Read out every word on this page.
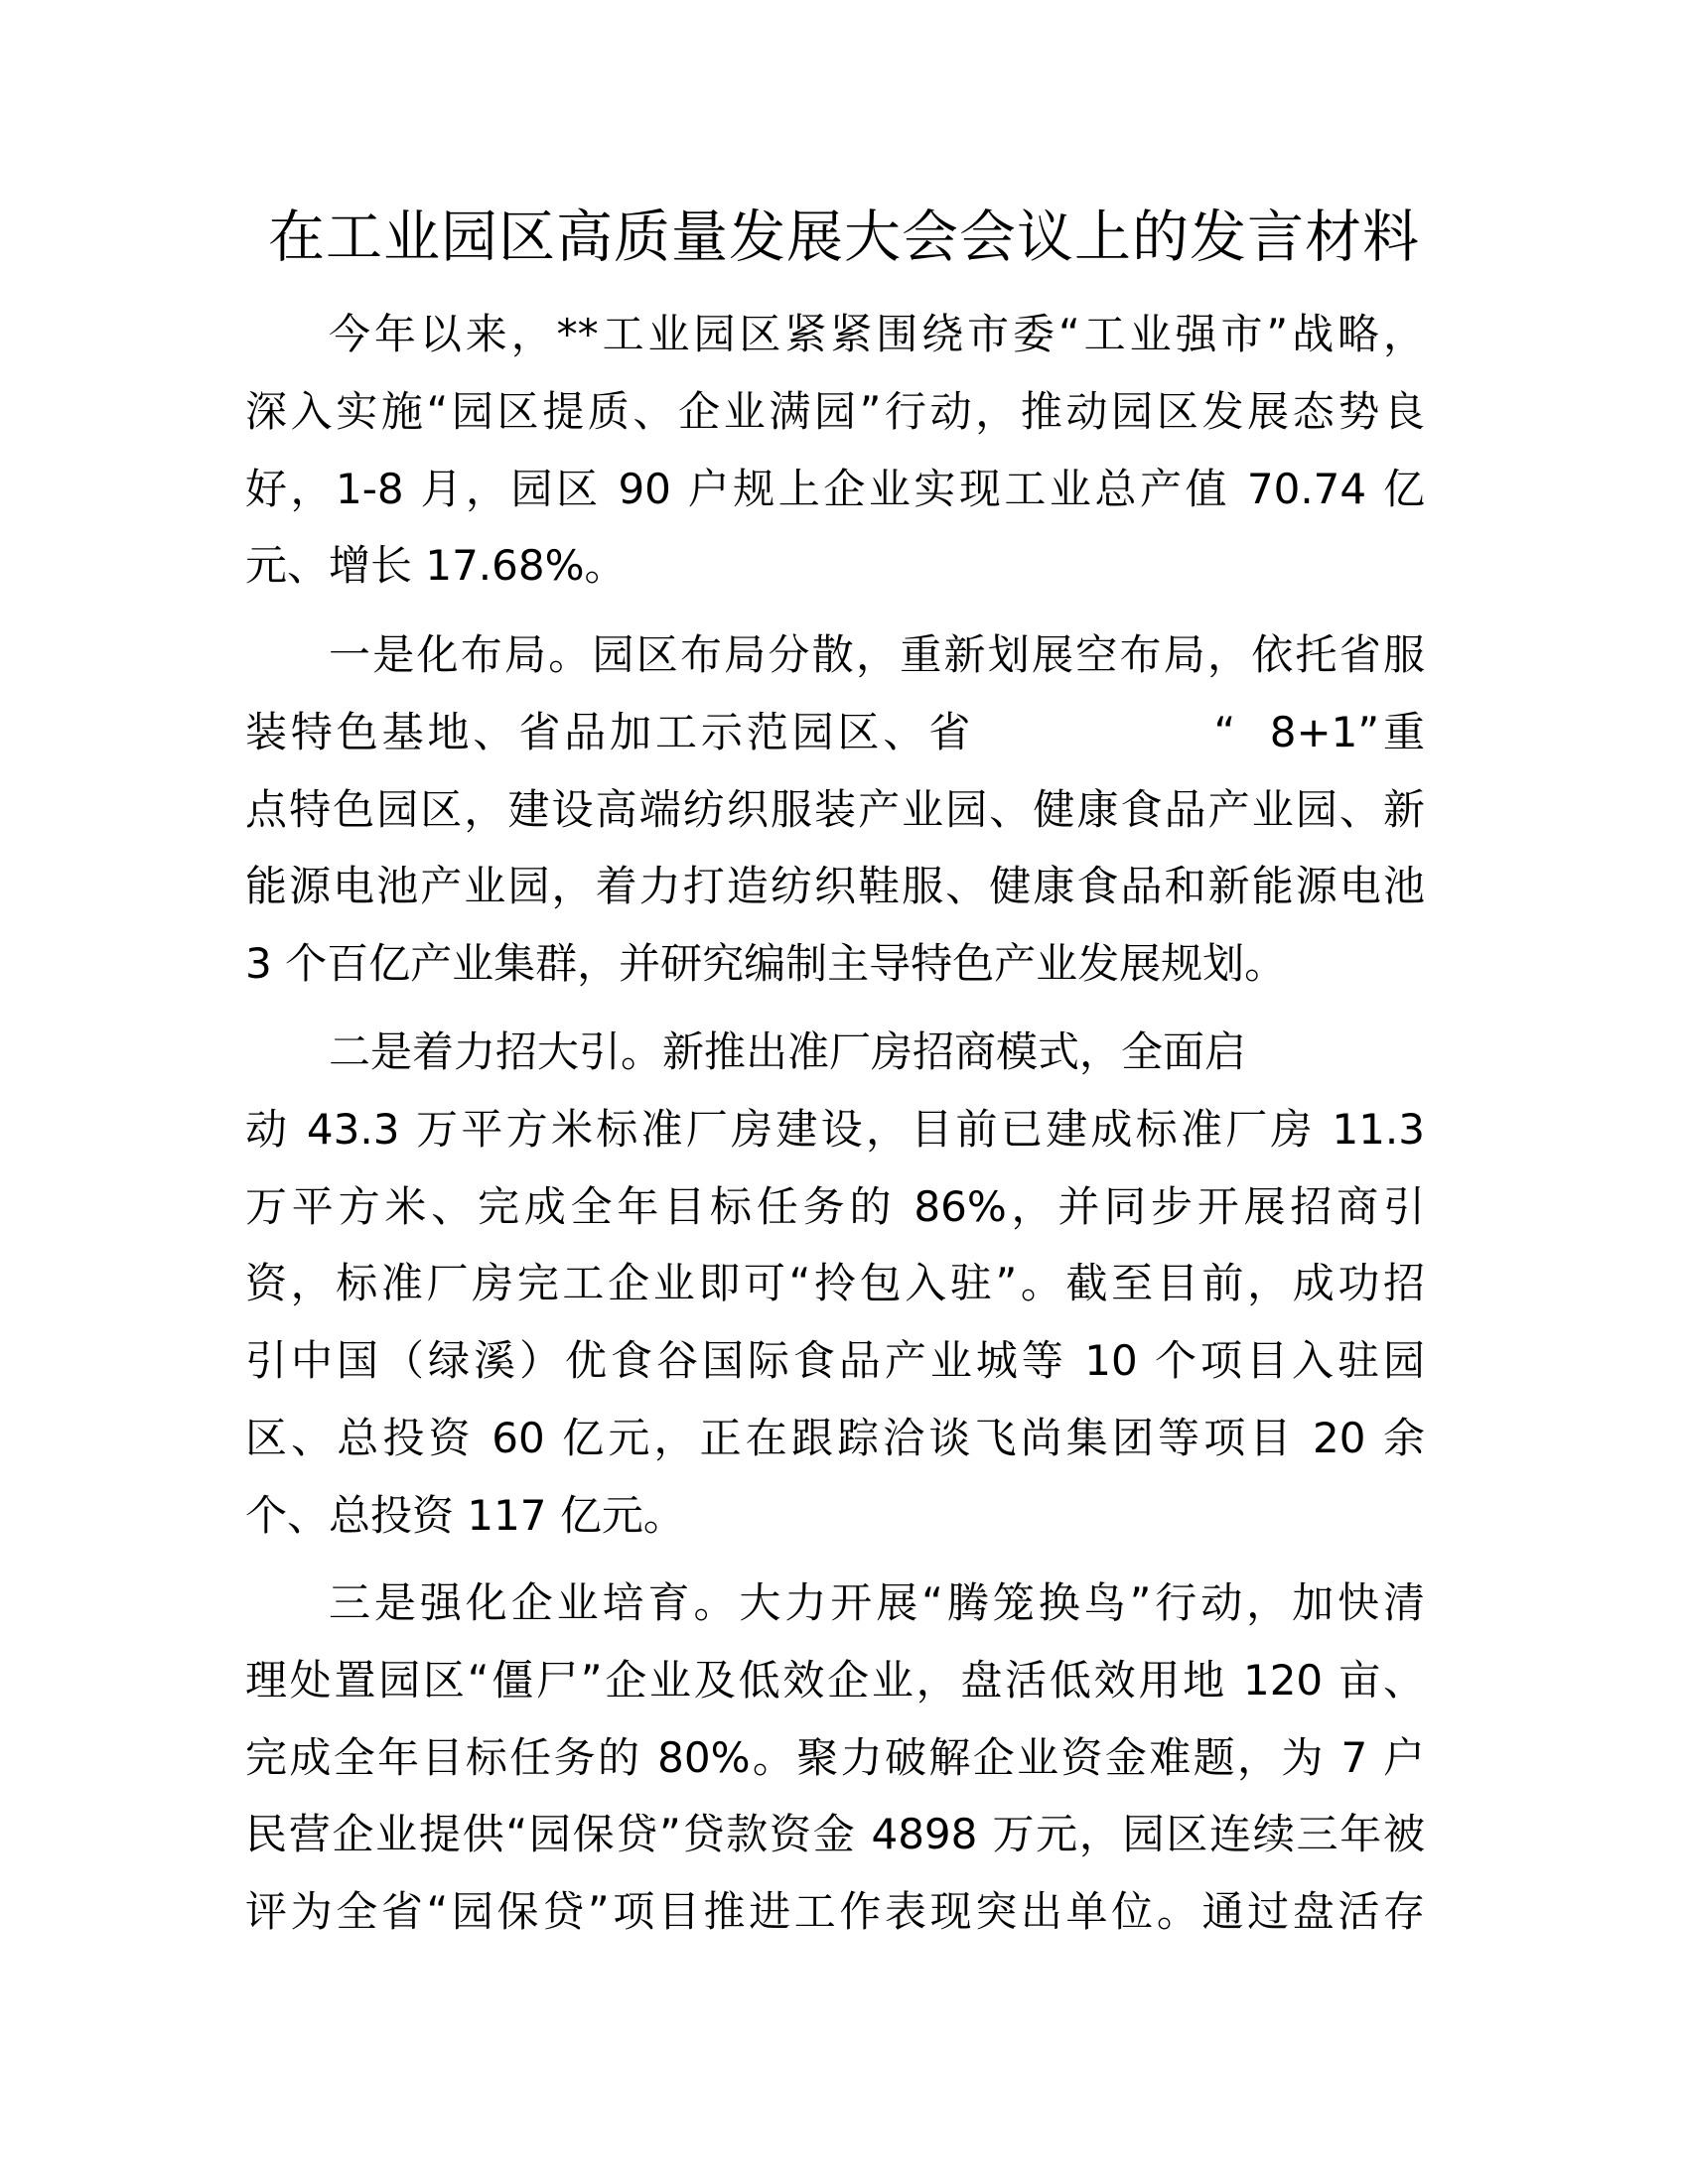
在工业园区高质量发展大会会议上的发言材料
今年以来，**工业园区紧紧围绕市委“工业强市”战略，
深入实施“园区提质、企业满园”行动，推动园区发展态势良
好，1-8 月，园区 90 户规上企业实现工业总产值 70.74 亿
元、增长 17.68%。
一是化布局。园区布局分散，重新划展空布局，依托省服
装特色基地、省品加工示范园区、省              “  8+1”重
点特色园区，建设高端纺织服装产业园、健康食品产业园、新
能源电池产业园，着力打造纺织鞋服、健康食品和新能源电池
3 个百亿产业集群，并研究编制主导特色产业发展规划。
二是着力招大引。新推出准厂房招商模式，全面启
动 43.3 万平方米标准厂房建设，目前已建成标准厂房 11.3
万平方米、完成全年目标任务的 86%，并同步开展招商引
资，标准厂房完工企业即可“拎包入驻”。截至目前，成功招
引中国（绿溪）优食谷国际食品产业城等 10 个项目入驻园
区、总投资 60 亿元，正在跟踪洽谈飞尚集团等项目 20 余
个、总投资 117 亿元。
三是强化企业培育。大力开展“腾笼换鸟”行动，加快清
理处置园区“僵尸”企业及低效企业，盘活低效用地 120 亩、
完成全年目标任务的 80%。聚力破解企业资金难题，为 7 户
民营企业提供“园保贷”贷款资金 4898 万元，园区连续三年被
评为全省“园保贷”项目推进工作表现突出单位。通过盘活存
